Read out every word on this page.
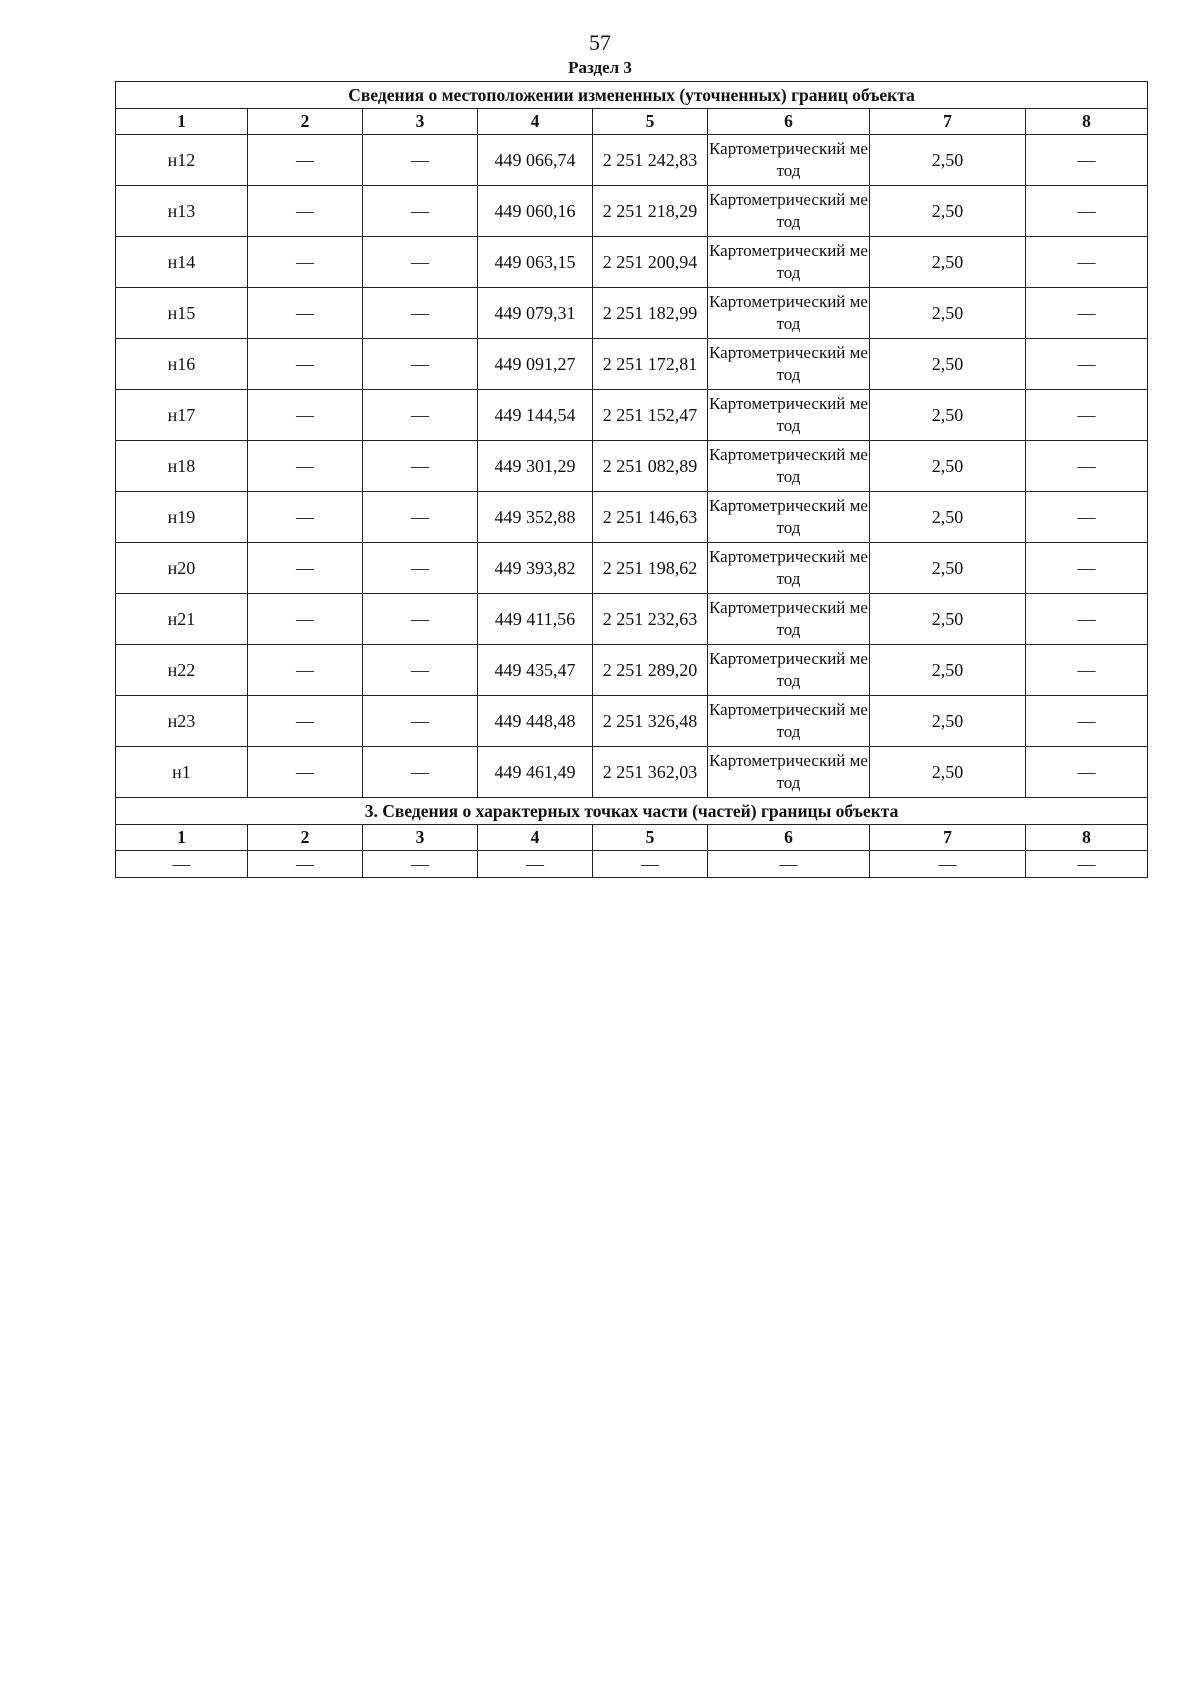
57
Раздел 3
Сведения о местоположении измененных (уточненных) границ объекта							
1	2	3	4	5	6	7	8
н12	—	—	449 066,74	2 251 242,83	Картометрический метод	2,50	—
н13	—	—	449 060,16	2 251 218,29	Картометрический метод	2,50	—
н14	—	—	449 063,15	2 251 200,94	Картометрический метод	2,50	—
н15	—	—	449 079,31	2 251 182,99	Картометрический метод	2,50	—
н16	—	—	449 091,27	2 251 172,81	Картометрический метод	2,50	—
н17	—	—	449 144,54	2 251 152,47	Картометрический метод	2,50	—
н18	—	—	449 301,29	2 251 082,89	Картометрический метод	2,50	—
н19	—	—	449 352,88	2 251 146,63	Картометрический метод	2,50	—
н20	—	—	449 393,82	2 251 198,62	Картометрический метод	2,50	—
н21	—	—	449 411,56	2 251 232,63	Картометрический метод	2,50	—
н22	—	—	449 435,47	2 251 289,20	Картометрический метод	2,50	—
н23	—	—	449 448,48	2 251 326,48	Картометрический метод	2,50	—
н1	—	—	449 461,49	2 251 362,03	Картометрический метод	2,50	—
3. Сведения о характерных точках части (частей) границы объекта							
1	2	3	4	5	6	7	8
—	—	—	—	—	—	—	—
